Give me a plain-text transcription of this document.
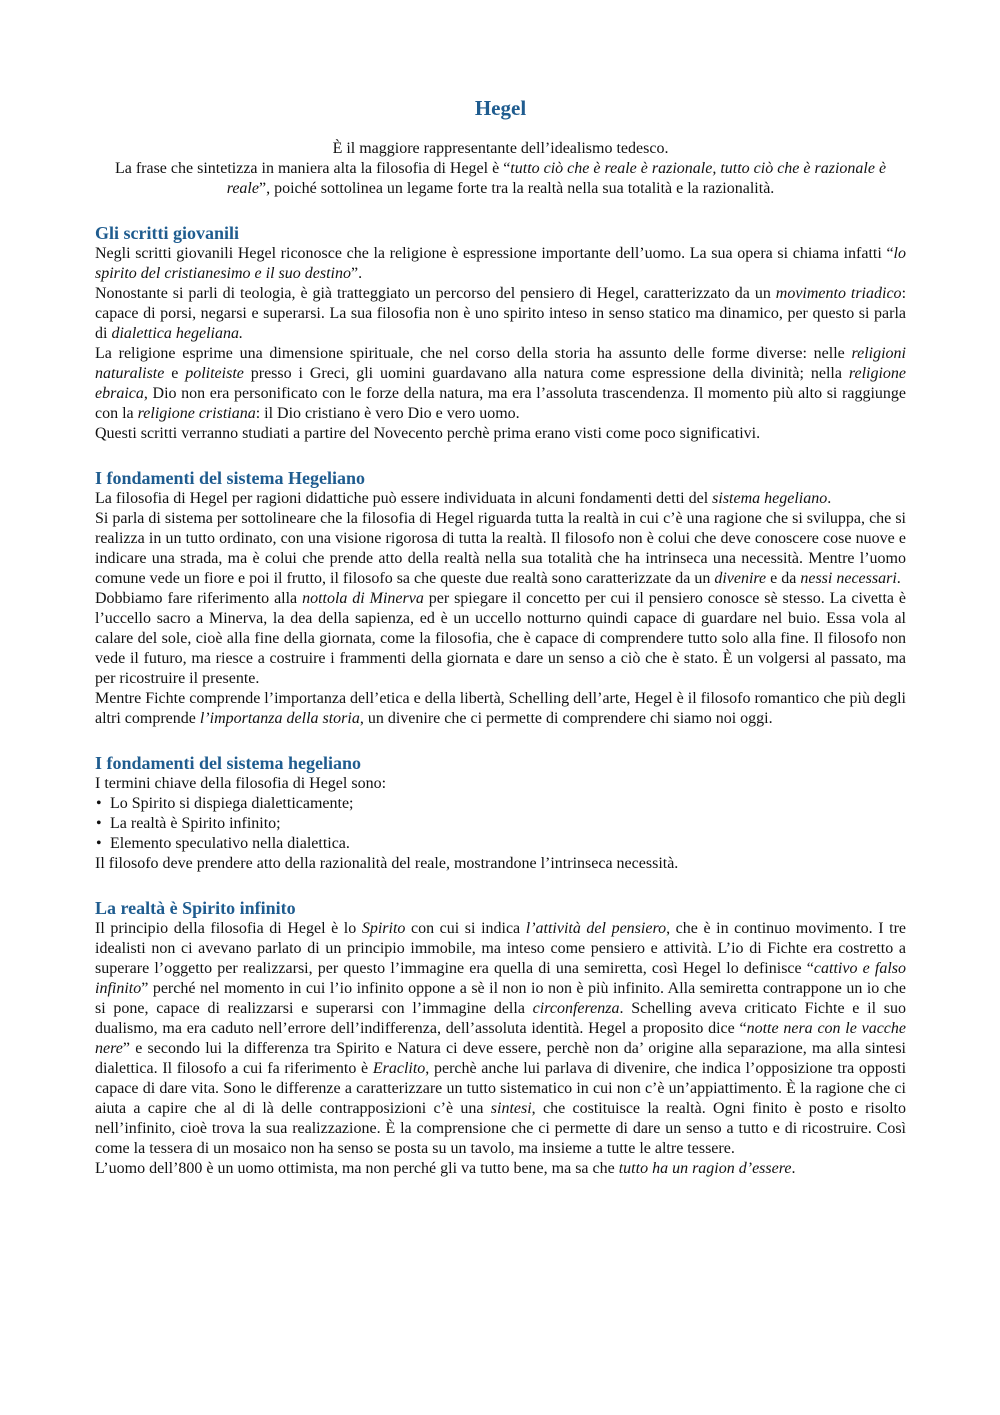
Hegel

È il maggiore rappresentante dell’idealismo tedesco.

La frase che sintetizza in maniera alta la filosofia di Hegel è “tutto ciò che è reale è razionale, tutto ciò che è razionale è reale”, poiché sottolinea un legame forte tra la realtà nella sua totalità e la razionalità.

Gli scritti giovanili

Negli scritti giovanili Hegel riconosce che la religione è espressione importante dell’uomo. La sua opera si chiama infatti “lo spirito del cristianesimo e il suo destino”.

Nonostante si parli di teologia, è già tratteggiato un percorso del pensiero di Hegel, caratterizzato da un movimento triadico: capace di porsi, negarsi e superarsi. La sua filosofia non è uno spirito inteso in senso statico ma dinamico, per questo si parla di dialettica hegeliana.

La religione esprime una dimensione spirituale, che nel corso della storia ha assunto delle forme diverse: nelle religioni naturaliste e politeiste presso i Greci, gli uomini guardavano alla natura come espressione della divinità; nella religione ebraica, Dio non era personificato con le forze della natura, ma era l’assoluta trascendenza. Il momento più alto si raggiunge con la religione cristiana: il Dio cristiano è vero Dio e vero uomo.

Questi scritti verranno studiati a partire del Novecento perchè prima erano visti come poco significativi.

I fondamenti del sistema Hegeliano

La filosofia di Hegel per ragioni didattiche può essere individuata in alcuni fondamenti detti del sistema hegeliano.

Si parla di sistema per sottolineare che la filosofia di Hegel riguarda tutta la realtà in cui c’è una ragione che si sviluppa, che si realizza in un tutto ordinato, con una visione rigorosa di tutta la realtà. Il filosofo non è colui che deve conoscere cose nuove e indicare una strada, ma è colui che prende atto della realtà nella sua totalità che ha intrinseca una necessità. Mentre l’uomo comune vede un fiore e poi il frutto, il filosofo sa che queste due realtà sono caratterizzate da un divenire e da nessi necessari.

Dobbiamo fare riferimento alla nottola di Minerva per spiegare il concetto per cui il pensiero conosce sè stesso. La civetta è l’uccello sacro a Minerva, la dea della sapienza, ed è un uccello notturno quindi capace di guardare nel buio. Essa vola al calare del sole, cioè alla fine della giornata, come la filosofia, che è capace di comprendere tutto solo alla fine. Il filosofo non vede il futuro, ma riesce a costruire i frammenti della giornata e dare un senso a ciò che è stato. È un volgersi al passato, ma per ricostruire il presente.

Mentre Fichte comprende l’importanza dell’etica e della libertà, Schelling dell’arte, Hegel è il filosofo romantico che più degli altri comprende l’importanza della storia, un divenire che ci permette di comprendere chi siamo noi oggi.

I fondamenti del sistema hegeliano

I termini chiave della filosofia di Hegel sono:

• Lo Spirito si dispiega dialetticamente;
• La realtà è Spirito infinito;
• Elemento speculativo nella dialettica.

Il filosofo deve prendere atto della razionalità del reale, mostrandone l’intrinseca necessità.

La realtà è Spirito infinito

Il principio della filosofia di Hegel è lo Spirito con cui si indica l’attività del pensiero, che è in continuo movimento. I tre idealisti non ci avevano parlato di un principio immobile, ma inteso come pensiero e attività. L’io di Fichte era costretto a superare l’oggetto per realizzarsi, per questo l’immagine era quella di una semiretta, così Hegel lo definisce “cattivo e falso infinito” perché nel momento in cui l’io infinito oppone a sè il non io non è più infinito. Alla semiretta contrappone un io che si pone, capace di realizzarsi e superarsi con l’immagine della circonferenza. Schelling aveva criticato Fichte e il suo dualismo, ma era caduto nell’errore dell’indifferenza, dell’assoluta identità. Hegel a proposito dice “notte nera con le vacche nere” e secondo lui la differenza tra Spirito e Natura ci deve essere, perchè non da’ origine alla separazione, ma alla sintesi dialettica. Il filosofo a cui fa riferimento è Eraclito, perchè anche lui parlava di divenire, che indica l’opposizione tra opposti capace di dare vita. Sono le differenze a caratterizzare un tutto sistematico in cui non c’è un’appiattimento. È la ragione che ci aiuta a capire che al di là delle contrapposizioni c’è una sintesi, che costituisce la realtà. Ogni finito è posto e risolto nell’infinito, cioè trova la sua realizzazione. È la comprensione che ci permette di dare un senso a tutto e di ricostruire. Così come la tessera di un mosaico non ha senso se posta su un tavolo, ma insieme a tutte le altre tessere.

L’uomo dell’800 è un uomo ottimista, ma non perché gli va tutto bene, ma sa che tutto ha un ragion d’essere.
